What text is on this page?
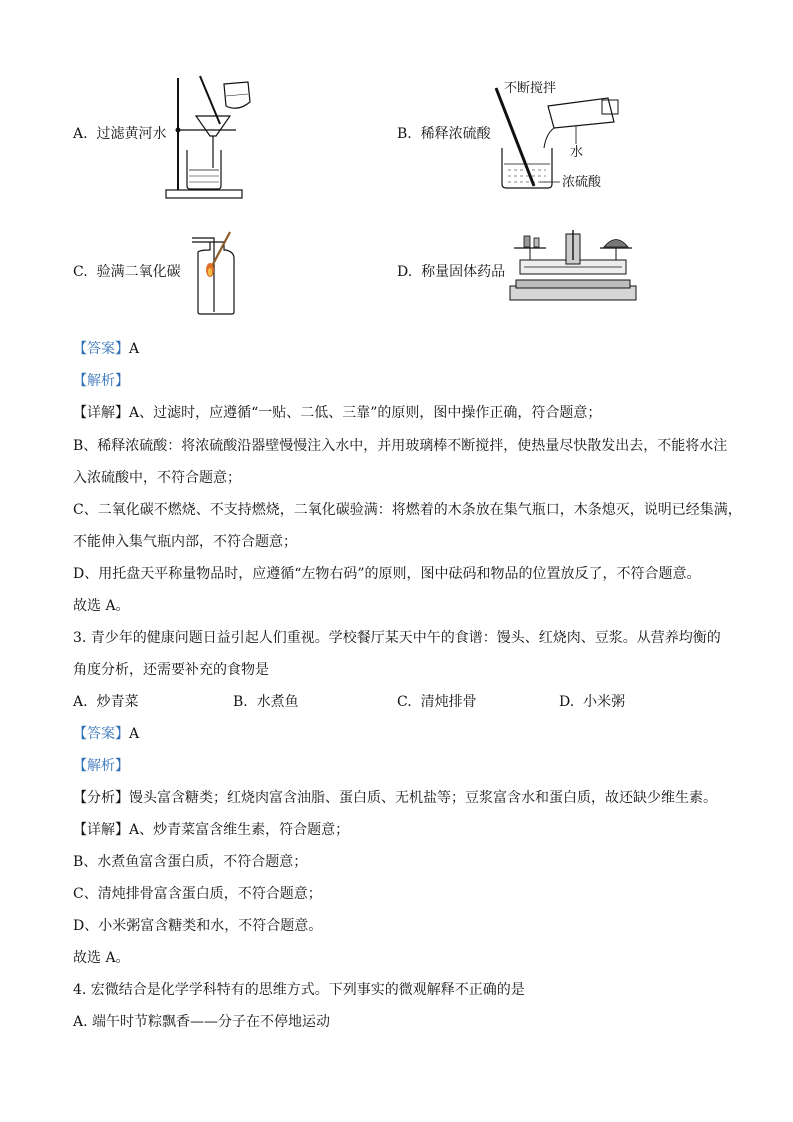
A. 过滤黄河水	B. 稀释浓硫酸
不断搅拌
水
浓硫酸
C. 验满二氧化碳	D. 称量固体药品
【答案】A
【解析】
【详解】A、过滤时，应遵循“一贴、二低、三靠”的原则，图中操作正确，符合题意；
B、稀释浓硫酸：将浓硫酸沿器壁慢慢注入水中，并用玻璃棒不断搅拌，使热量尽快散发出去，不能将水注
入浓硫酸中，不符合题意；
C、二氧化碳不燃烧、不支持燃烧，二氧化碳验满：将燃着的木条放在集气瓶口，木条熄灭，说明已经集满，
不能伸入集气瓶内部，不符合题意；
D、用托盘天平称量物品时，应遵循“左物右码”的原则，图中砝码和物品的位置放反了，不符合题意。
故选 A。
3. 青少年的健康问题日益引起人们重视。学校餐厅某天中午的食谱：馒头、红烧肉、豆浆。从营养均衡的
角度分析，还需要补充的食物是
A. 炒青菜	B. 水煮鱼	C. 清炖排骨	D. 小米粥
【答案】A
【解析】
【分析】馒头富含糖类；红烧肉富含油脂、蛋白质、无机盐等；豆浆富含水和蛋白质，故还缺少维生素。
【详解】A、炒青菜富含维生素，符合题意；
B、水煮鱼富含蛋白质，不符合题意；
C、清炖排骨富含蛋白质，不符合题意；
D、小米粥富含糖类和水，不符合题意。
故选 A。
4. 宏微结合是化学学科特有的思维方式。下列事实的微观解释不正确的是
A. 端午时节粽飘香——分子在不停地运动
